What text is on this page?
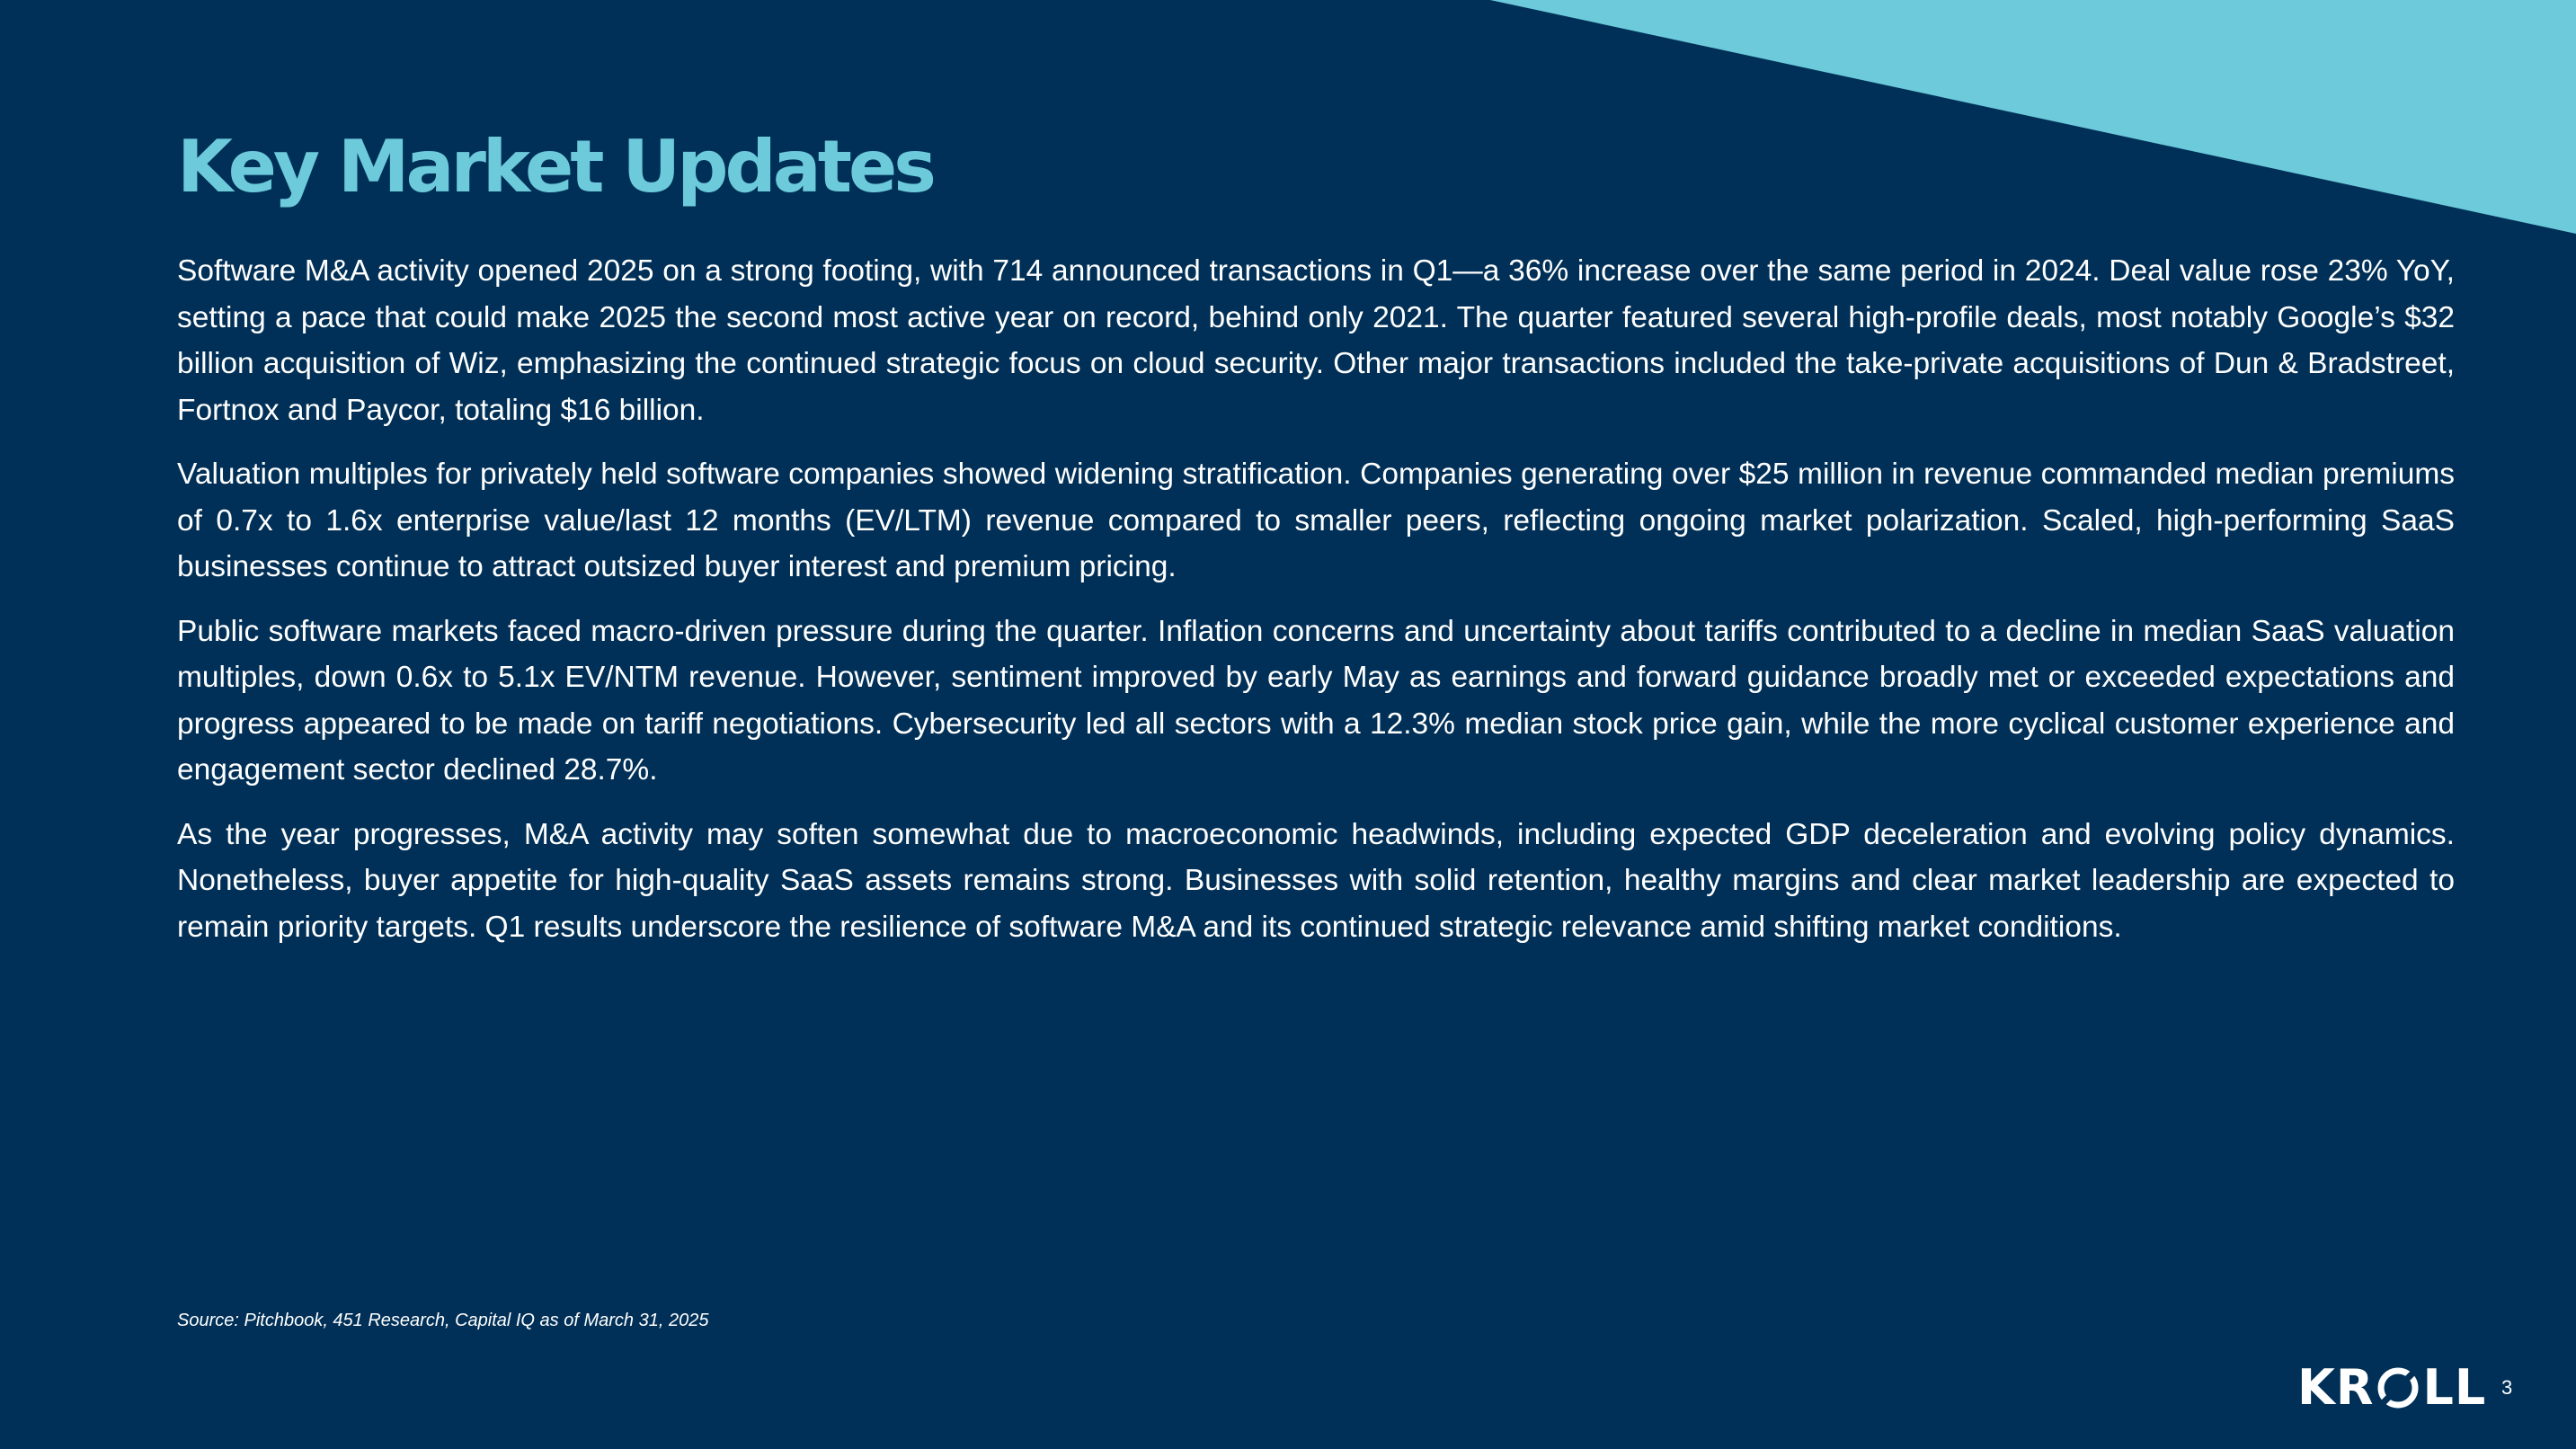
Key Market Updates

Software M&A activity opened 2025 on a strong footing, with 714 announced transactions in Q1—a 36% increase over the same period in 2024. Deal value rose 23% YoY, setting a pace that could make 2025 the second most active year on record, behind only 2021. The quarter featured several high-profile deals, most notably Google’s $32 billion acquisition of Wiz, emphasizing the continued strategic focus on cloud security. Other major transactions included the take-private acquisitions of Dun & Bradstreet, Fortnox and Paycor, totaling $16 billion.

Valuation multiples for privately held software companies showed widening stratification. Companies generating over $25 million in revenue commanded median premiums of 0.7x to 1.6x enterprise value/last 12 months (EV/LTM) revenue compared to smaller peers, reflecting ongoing market polarization. Scaled, high-performing SaaS businesses continue to attract outsized buyer interest and premium pricing.

Public software markets faced macro-driven pressure during the quarter. Inflation concerns and uncertainty about tariffs contributed to a decline in median SaaS valuation multiples, down 0.6x to 5.1x EV/NTM revenue. However, sentiment improved by early May as earnings and forward guidance broadly met or exceeded expectations and progress appeared to be made on tariff negotiations. Cybersecurity led all sectors with a 12.3% median stock price gain, while the more cyclical customer experience and engagement sector declined 28.7%.

As the year progresses, M&A activity may soften somewhat due to macroeconomic headwinds, including expected GDP deceleration and evolving policy dynamics. Nonetheless, buyer appetite for high-quality SaaS assets remains strong. Businesses with solid retention, healthy margins and clear market leadership are expected to remain priority targets. Q1 results underscore the resilience of software M&A and its continued strategic relevance amid shifting market conditions.

Source: Pitchbook, 451 Research, Capital IQ as of March 31, 2025
KR LL 3
